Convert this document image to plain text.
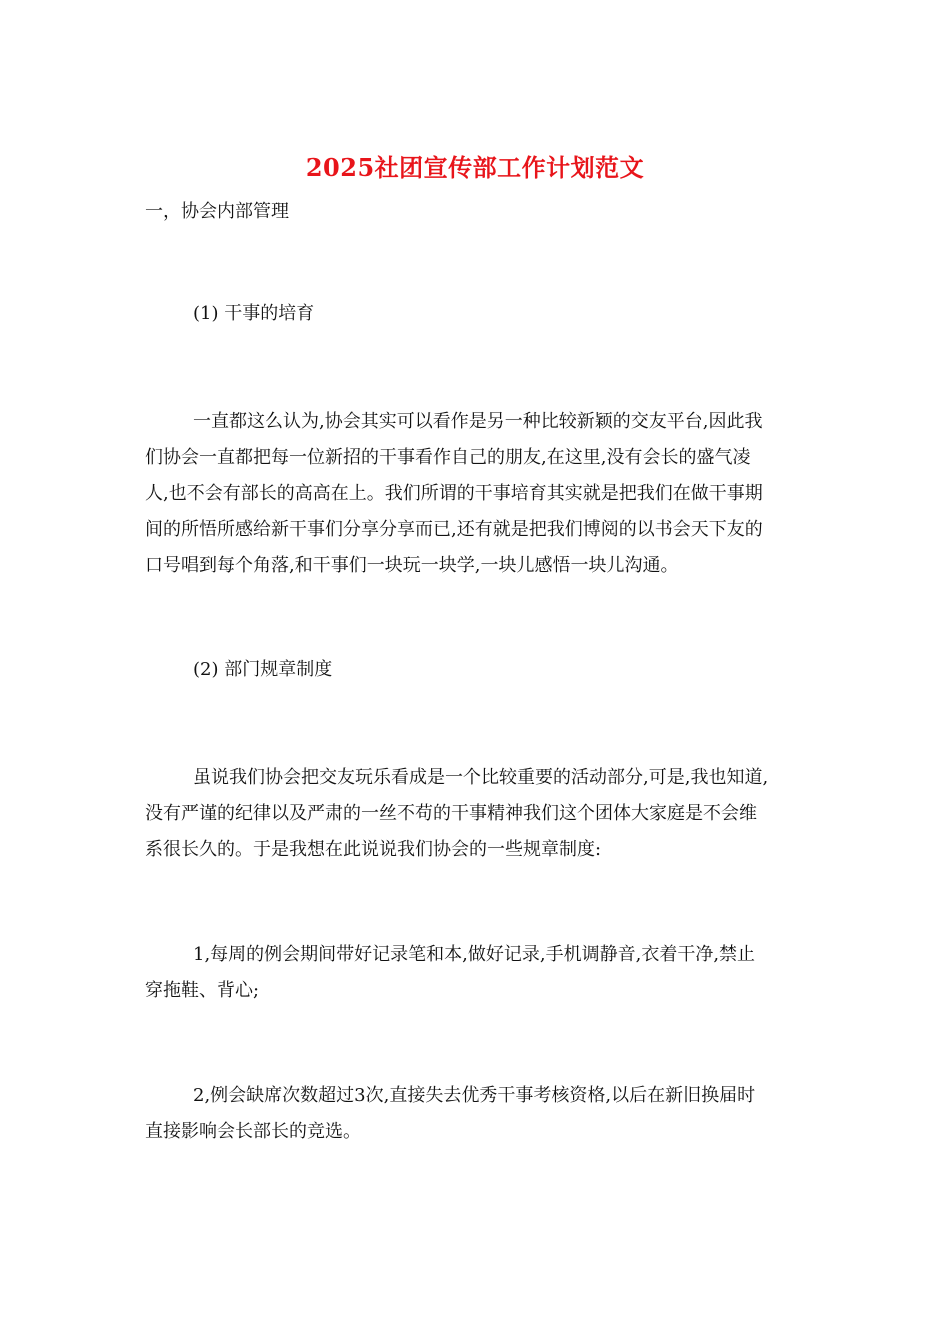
2025社团宣传部工作计划范文
一，协会内部管理
(1) 干事的培育
一直都这么认为,协会其实可以看作是另一种比较新颖的交友平台,因此我
们协会一直都把每一位新招的干事看作自己的朋友,在这里,没有会长的盛气凌
人,也不会有部长的高高在上。我们所谓的干事培育其实就是把我们在做干事期
间的所悟所感给新干事们分享分享而已,还有就是把我们博阅的以书会天下友的
口号唱到每个角落,和干事们一块玩一块学,一块儿感悟一块儿沟通。
(2) 部门规章制度
虽说我们协会把交友玩乐看成是一个比较重要的活动部分,可是,我也知道,
没有严谨的纪律以及严肃的一丝不苟的干事精神我们这个团体大家庭是不会维
系很长久的。于是我想在此说说我们协会的一些规章制度:
1,每周的例会期间带好记录笔和本,做好记录,手机调静音,衣着干净,禁止
穿拖鞋、背心;
2,例会缺席次数超过3次,直接失去优秀干事考核资格,以后在新旧换届时
直接影响会长部长的竞选。
